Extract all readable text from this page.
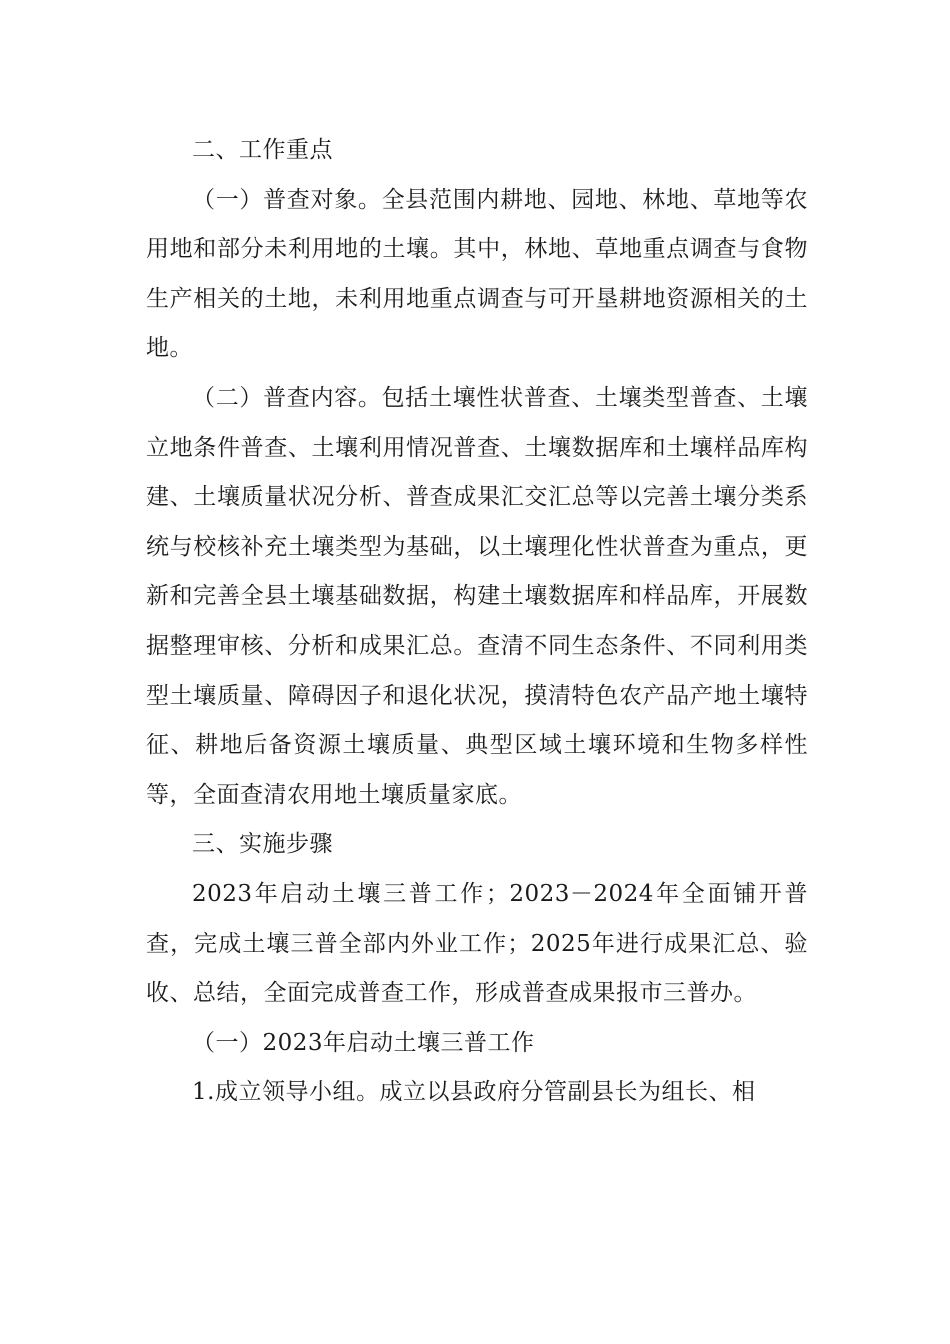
二、工作重点

（一）普查对象。全县范围内耕地、园地、林地、草地等农用地和部分未利用地的土壤。其中，林地、草地重点调查与食物生产相关的土地，未利用地重点调查与可开垦耕地资源相关的土地。

（二）普查内容。包括土壤性状普查、土壤类型普查、土壤立地条件普查、土壤利用情况普查、土壤数据库和土壤样品库构建、土壤质量状况分析、普查成果汇交汇总等以完善土壤分类系统与校核补充土壤类型为基础，以土壤理化性状普查为重点，更新和完善全县土壤基础数据，构建土壤数据库和样品库，开展数据整理审核、分析和成果汇总。查清不同生态条件、不同利用类型土壤质量、障碍因子和退化状况，摸清特色农产品产地土壤特征、耕地后备资源土壤质量、典型区域土壤环境和生物多样性等，全面查清农用地土壤质量家底。

三、实施步骤

2023年启动土壤三普工作；2023－2024年全面铺开普查，完成土壤三普全部内外业工作；2025年进行成果汇总、验收、总结，全面完成普查工作，形成普查成果报市三普办。

（一）2023年启动土壤三普工作

1.成立领导小组。成立以县政府分管副县长为组长、相
